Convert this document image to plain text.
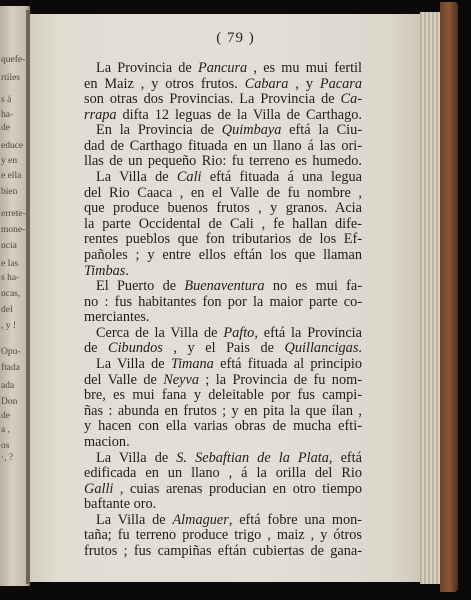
quefe-
rtiles
s á
ha-
de
educe
y en
e ella
bien
errete-
mone-
ncia
e las
s ha-
ncas,
del
, y !
Opu-
ftada
ada
Don
de
a ,
os
·, ?
( 79 )
La Provincia de Pancura , es mu mui fertil
en Maiz , y otros frutos. Cabara , y Pacara
son otras dos Provincias. La Provincia de Ca-
rrapa difta 12 leguas de la Villa de Carthago.
En la Provincia de Quimbaya eftá la Ciu-
dad de Carthago fituada en un llano á las ori-
llas de un pequeño Rio: fu terreno es humedo.
La Villa de Cali eftá fituada á una legua
del Rio Caaca , en el Valle de fu nombre ,
que produce buenos frutos , y granos. Acia
la parte Occidental de Cali , fe hallan dife-
rentes pueblos que fon tributarios de los Ef-
pañoles ; y entre ellos eftán los que llaman
Timbas.
El Puerto de Buenaventura no es mui fa-
no : fus habitantes fon por la maior parte co-
merciantes.
Cerca de la Villa de Pafto, eftá la Provincia
de Cibundos , y el Pais de Quillancigas.
La Villa de Timana eftá fituada al principio
del Valle de Neyva ; la Provincia de fu nom-
bre, es mui fana y deleitable por fus campi-
ñas : abunda en frutos ; y en pita la que ílan ,
y hacen con ella varias obras de mucha efti-
macion.
La Villa de S. Sebaftian de la Plata, eftá
edificada en un llano , á la orilla del Rio
Galli , cuias arenas producian en otro tiempo
baftante oro.
La Villa de Almaguer, eftá fobre una mon-
taña; fu terreno produce trigo , maiz , y ótros
frutos ; fus campiñas eftán cubiertas de gana-
